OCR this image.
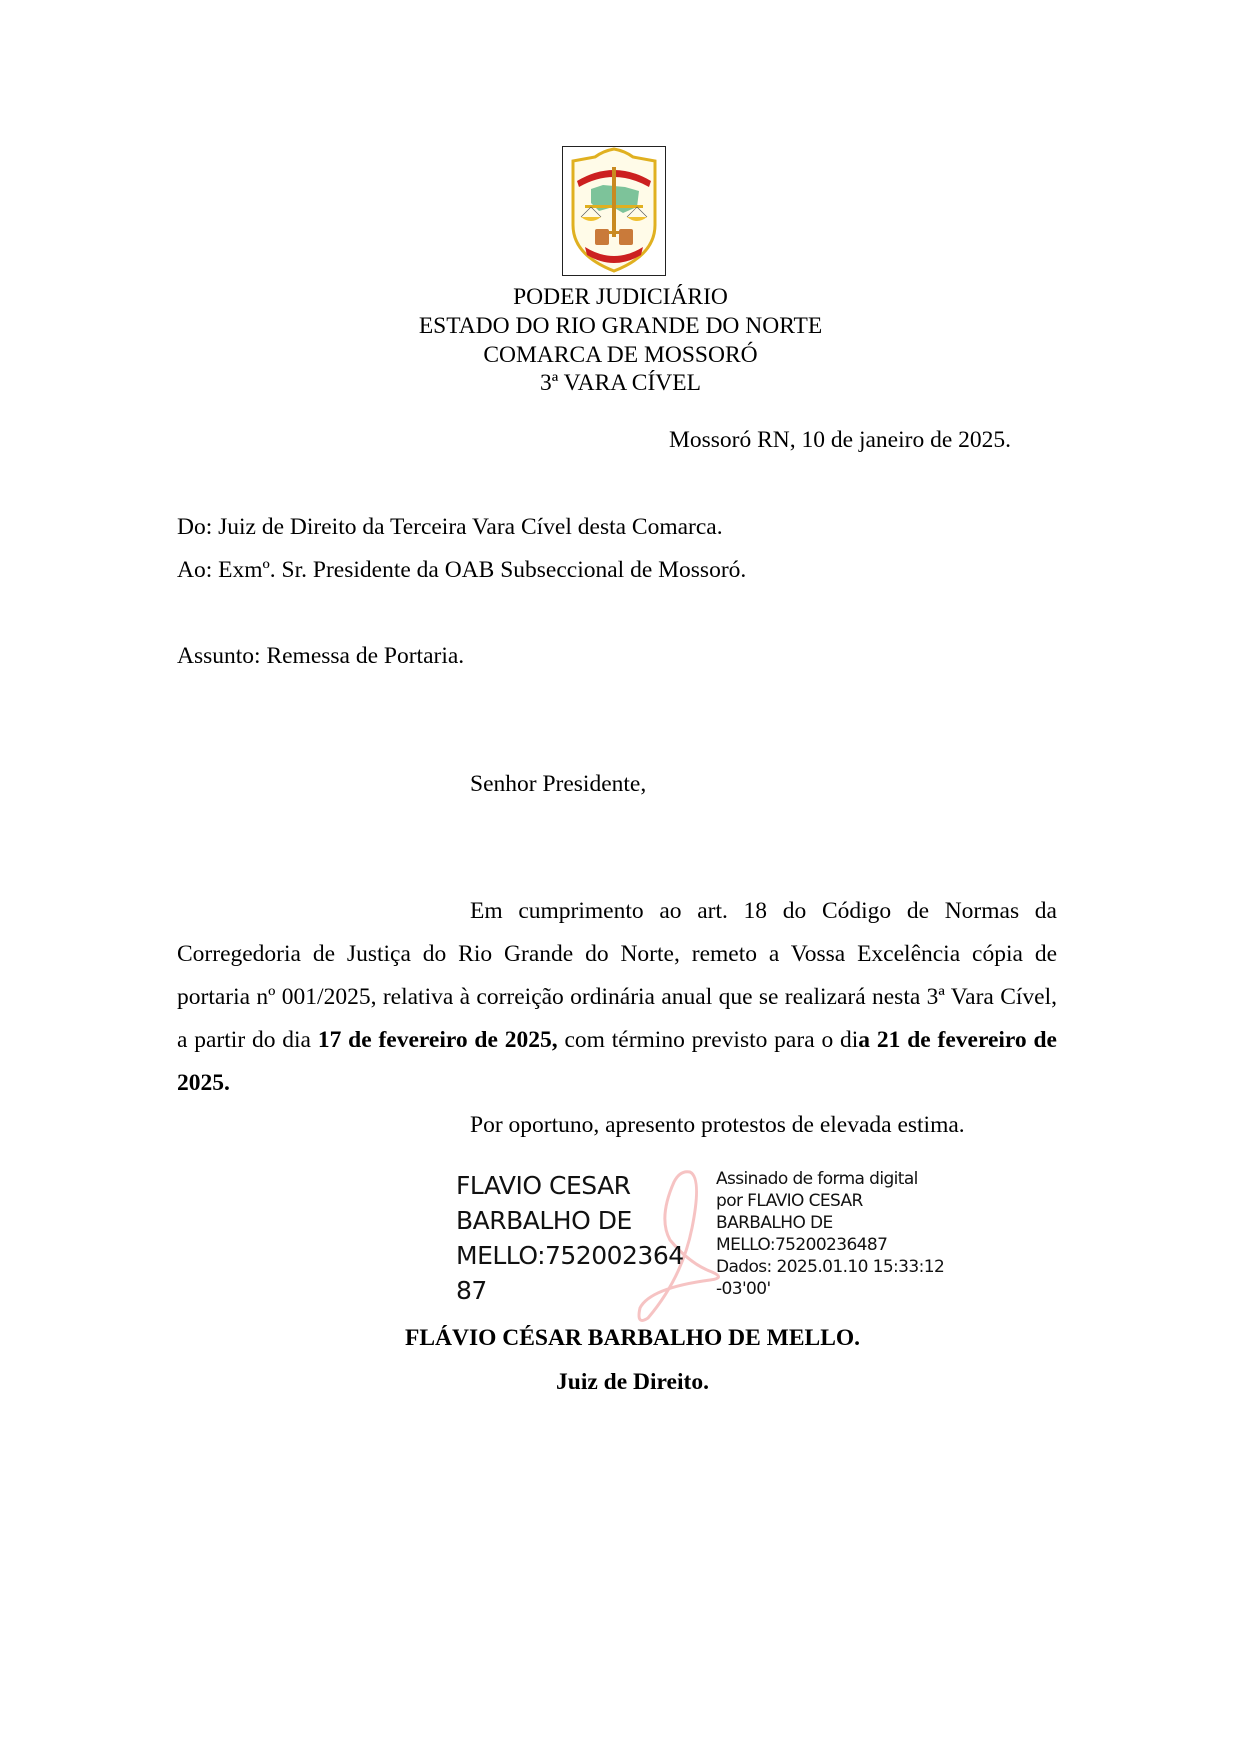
PODER JUDICIÁRIO
ESTADO DO RIO GRANDE DO NORTE
COMARCA DE MOSSORÓ
3ª VARA CÍVEL
Mossoró RN, 10 de janeiro de 2025.
Do: Juiz de Direito da Terceira Vara Cível desta Comarca.
Ao: Exmº. Sr. Presidente da OAB Subseccional de Mossoró.
Assunto: Remessa de Portaria.
Senhor Presidente,
Em cumprimento ao art. 18 do Código de Normas da Corregedoria de Justiça do Rio Grande do Norte, remeto a Vossa Excelência cópia de portaria nº 001/2025, relativa à correição ordinária anual que se realizará nesta 3ª Vara Cível, a partir do dia 17 de fevereiro de 2025, com término previsto para o dia 21 de fevereiro de 2025.
Por oportuno, apresento protestos de elevada estima.
FLAVIO CESAR
BARBALHO DE
MELLO:752002364
87
Assinado de forma digital
por FLAVIO CESAR
BARBALHO DE
MELLO:75200236487
Dados: 2025.01.10 15:33:12
-03'00'
FLÁVIO CÉSAR BARBALHO DE MELLO.
Juiz de Direito.
